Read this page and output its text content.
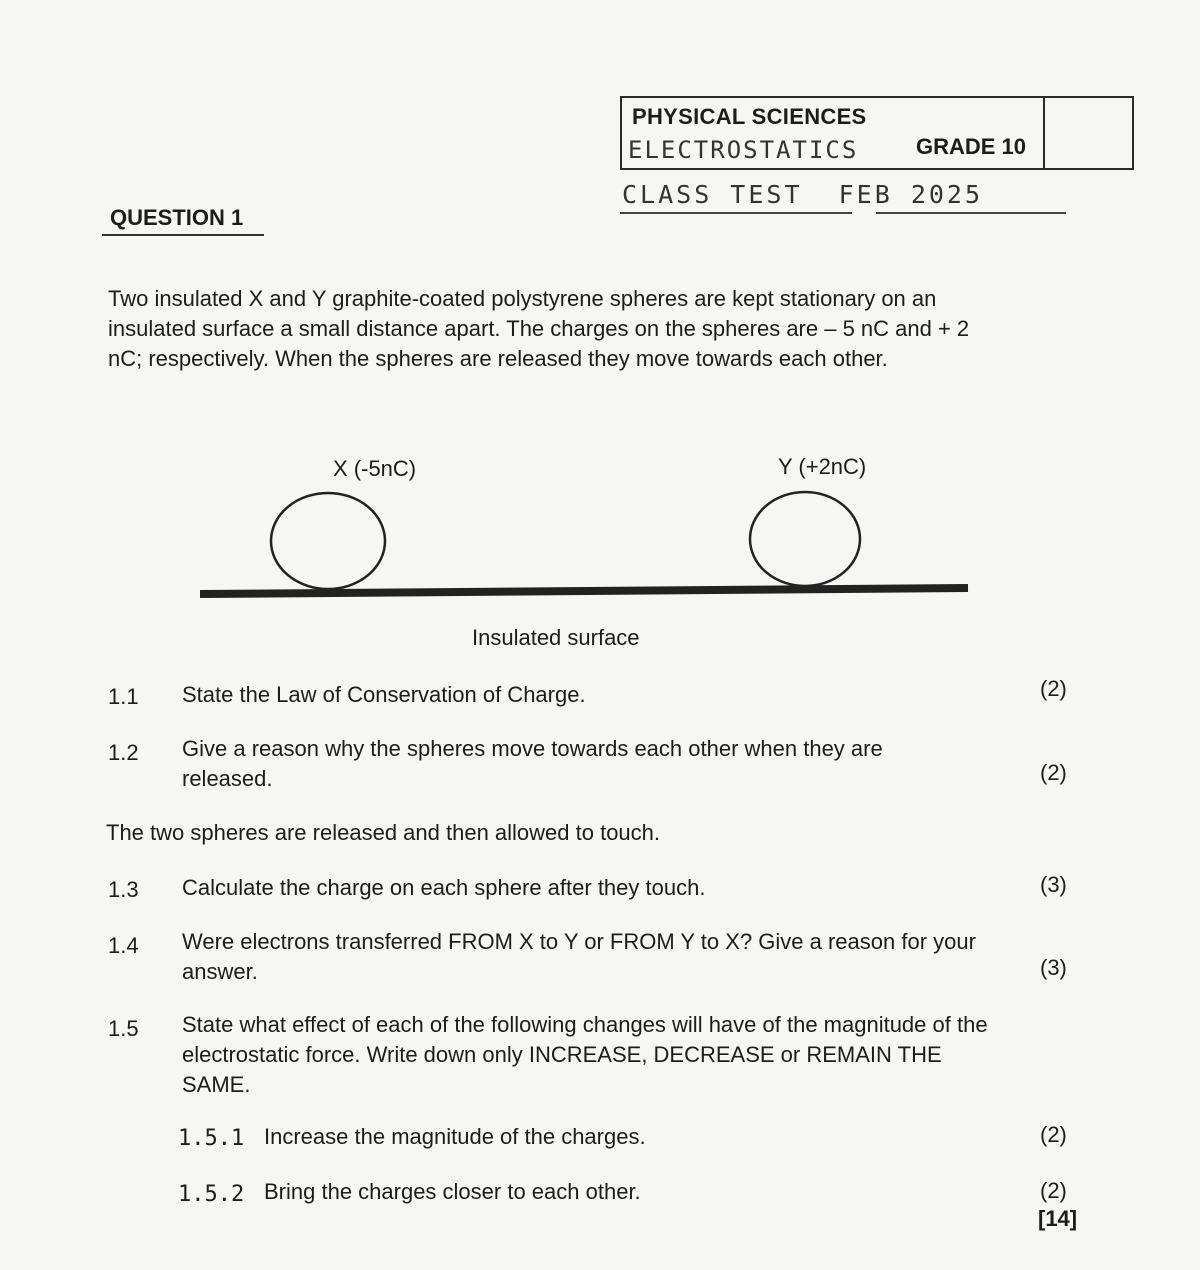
PHYSICAL SCIENCES
ELECTROSTATICS	GRADE 10
CLASS TEST FEB 2025
QUESTION 1
Two insulated X and Y graphite-coated polystyrene spheres are kept stationary on an insulated surface a small distance apart. The charges on the spheres are – 5 nC and + 2 nC; respectively. When the spheres are released they move towards each other.
X (-5nC)	Y (+2nC)
Insulated surface
1.1 State the Law of Conservation of Charge.	(2)
1.2 Give a reason why the spheres move towards each other when they are released.	(2)
The two spheres are released and then allowed to touch.
1.3 Calculate the charge on each sphere after they touch.	(3)
1.4 Were electrons transferred FROM X to Y or FROM Y to X? Give a reason for your answer.	(3)
1.5 State what effect of each of the following changes will have of the magnitude of the electrostatic force. Write down only INCREASE, DECREASE or REMAIN THE SAME.
1.5.1 Increase the magnitude of the charges.	(2)
1.5.2 Bring the charges closer to each other.	(2)
[14]
